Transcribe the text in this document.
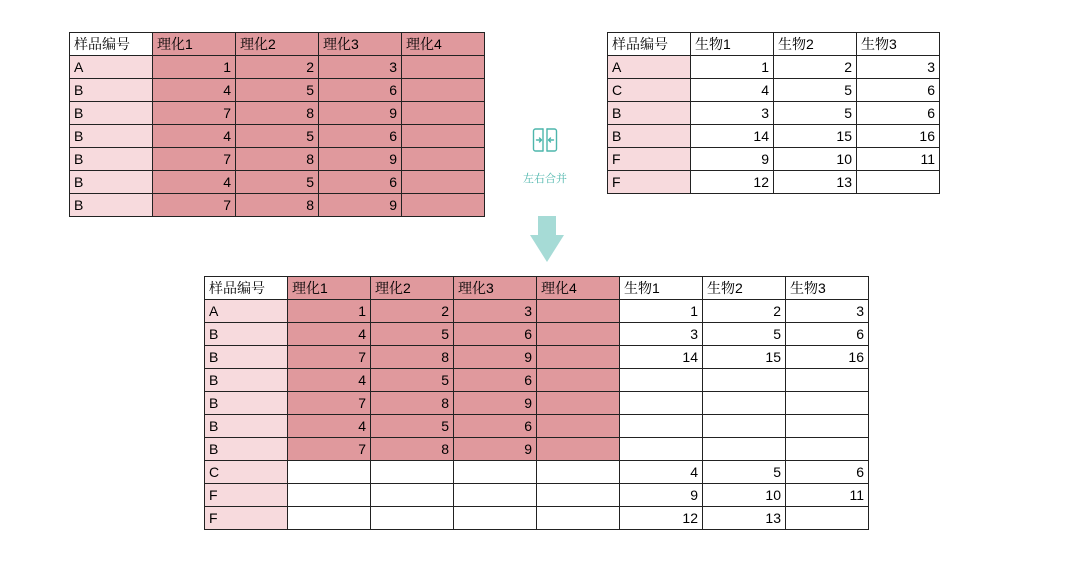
样品编号	理化1	理化2	理化3	理化4
A	1	2	3	
B	4	5	6	
B	7	8	9	
B	4	5	6	
B	7	8	9	
B	4	5	6	
B	7	8	9	
样品编号	生物1	生物2	生物3
A	1	2	3
C	4	5	6
B	3	5	6
B	14	15	16
F	9	10	11
F	12	13	
左右合并
样品编号	理化1	理化2	理化3	理化4	生物1	生物2	生物3
A	1	2	3		1	2	3
B	4	5	6		3	5	6
B	7	8	9		14	15	16
B	4	5	6				
B	7	8	9				
B	4	5	6				
B	7	8	9				
C					4	5	6
F					9	10	11
F					12	13	
